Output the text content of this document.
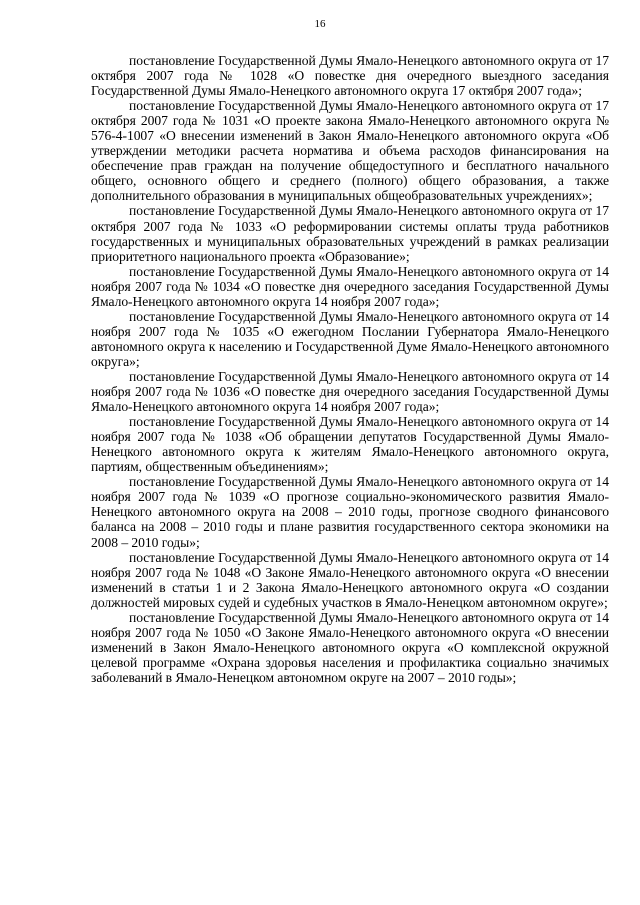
16

постановление Государственной Думы Ямало-Ненецкого автономного округа от 17 октября 2007 года № 1028 «О повестке дня очередного выездного заседания Государственной Думы Ямало-Ненецкого автономного округа 17 октября 2007 года»;

постановление Государственной Думы Ямало-Ненецкого автономного округа от 17 октября 2007 года № 1031 «О проекте закона Ямало-Ненецкого автономного округа № 576-4-1007 «О внесении изменений в Закон Ямало-Ненецкого автономного округа «Об утверждении методики расчета норматива и объема расходов финансирования на обеспечение прав граждан на получение общедоступного и бесплатного начального общего, основного общего и среднего (полного) общего образования, а также дополнительного образования в муниципальных общеобразовательных учреждениях»;

постановление Государственной Думы Ямало-Ненецкого автономного округа от 17 октября 2007 года № 1033 «О реформировании системы оплаты труда работников государственных и муниципальных образовательных учреждений в рамках реализации приоритетного национального проекта «Образование»;

постановление Государственной Думы Ямало-Ненецкого автономного округа от 14 ноября 2007 года № 1034 «О повестке дня очередного заседания Государственной Думы Ямало-Ненецкого автономного округа 14 ноября 2007 года»;

постановление Государственной Думы Ямало-Ненецкого автономного округа от 14 ноября 2007 года № 1035 «О ежегодном Послании Губернатора Ямало-Ненецкого автономного округа к населению и Государственной Думе Ямало-Ненецкого автономного округа»;

постановление Государственной Думы Ямало-Ненецкого автономного округа от 14 ноября 2007 года № 1036 «О повестке дня очередного заседания Государственной Думы Ямало-Ненецкого автономного округа 14 ноября 2007 года»;

постановление Государственной Думы Ямало-Ненецкого автономного округа от 14 ноября 2007 года № 1038 «Об обращении депутатов Государственной Думы Ямало-Ненецкого автономного округа к жителям Ямало-Ненецкого автономного округа, партиям, общественным объединениям»;

постановление Государственной Думы Ямало-Ненецкого автономного округа от 14 ноября 2007 года № 1039 «О прогнозе социально-экономического развития Ямало-Ненецкого автономного округа на 2008 – 2010 годы, прогнозе сводного финансового баланса на 2008 – 2010 годы и плане развития государственного сектора экономики на 2008 – 2010 годы»;

постановление Государственной Думы Ямало-Ненецкого автономного округа от 14 ноября 2007 года № 1048 «О Законе Ямало-Ненецкого автономного округа «О внесении изменений в статьи 1 и 2 Закона Ямало-Ненецкого автономного округа «О создании должностей мировых судей и судебных участков в Ямало-Ненецком автономном округе»;

постановление Государственной Думы Ямало-Ненецкого автономного округа от 14 ноября 2007 года № 1050 «О Законе Ямало-Ненецкого автономного округа «О внесении изменений в Закон Ямало-Ненецкого автономного округа «О комплексной окружной целевой программе «Охрана здоровья населения и профилактика социально значимых заболеваний в Ямало-Ненецком автономном округе на 2007 – 2010 годы»;
